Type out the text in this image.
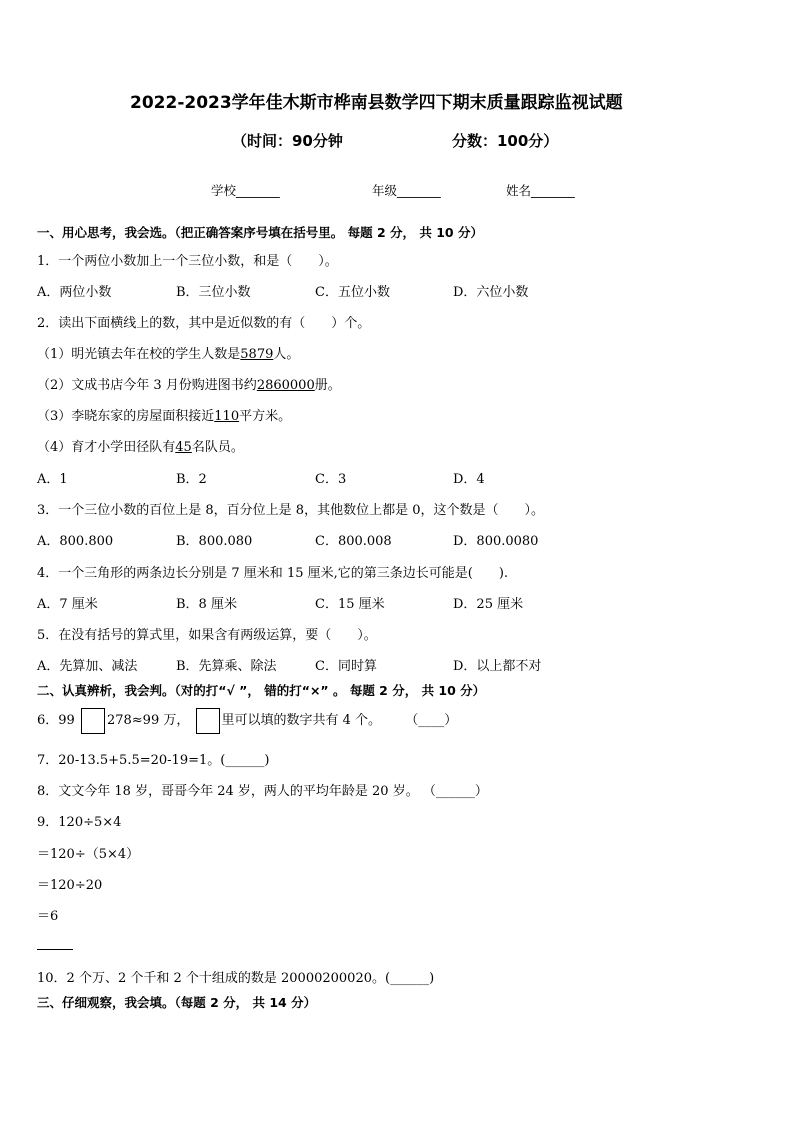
2022-2023学年佳木斯市桦南县数学四下期末质量跟踪监视试题
（时间：90分钟	分数：100分）
学校_______	年级_______	姓名_______
一、用心思考，我会选。（把正确答案序号填在括号里。 每题 2 分， 共 10 分）
1．一个两位小数加上一个三位小数，和是（　　）。
A．两位小数	B．三位小数	C．五位小数	D．六位小数
2．读出下面横线上的数，其中是近似数的有（　　）个。
（1）明光镇去年在校的学生人数是5879人。
（2）文成书店今年 3 月份购进图书约2860000册。
（3）李晓东家的房屋面积接近110平方米。
（4）育才小学田径队有45名队员。
A．1	B．2	C．3	D．4
3．一个三位小数的百位上是 8，百分位上是 8，其他数位上都是 0，这个数是（　　）。
A．800.800	B．800.080	C．800.008	D．800.0080
4．一个三角形的两条边长分别是 7 厘米和 15 厘米,它的第三条边长可能是(　　).
A．7 厘米	B．8 厘米	C．15 厘米	D．25 厘米
5．在没有括号的算式里，如果含有两级运算，要（　　）。
A．先算加、减法	B．先算乘、除法	C．同时算	D．以上都不对
二、认真辨析，我会判。（对的打“√ ”， 错的打“×” 。 每题 2 分， 共 10 分）
6．99 278≈99 万， 里可以填的数字共有 4 个。 （____）
7．20-13.5+5.5=20-19=1。(______)
8．文文今年 18 岁，哥哥今年 24 岁，两人的平均年龄是 20 岁。 （______）
9．120÷5×4
＝120÷（5×4）
＝120÷20
＝6
10．2 个万、2 个千和 2 个十组成的数是 20000200020。(______)
三、仔细观察，我会填。（每题 2 分， 共 14 分）
